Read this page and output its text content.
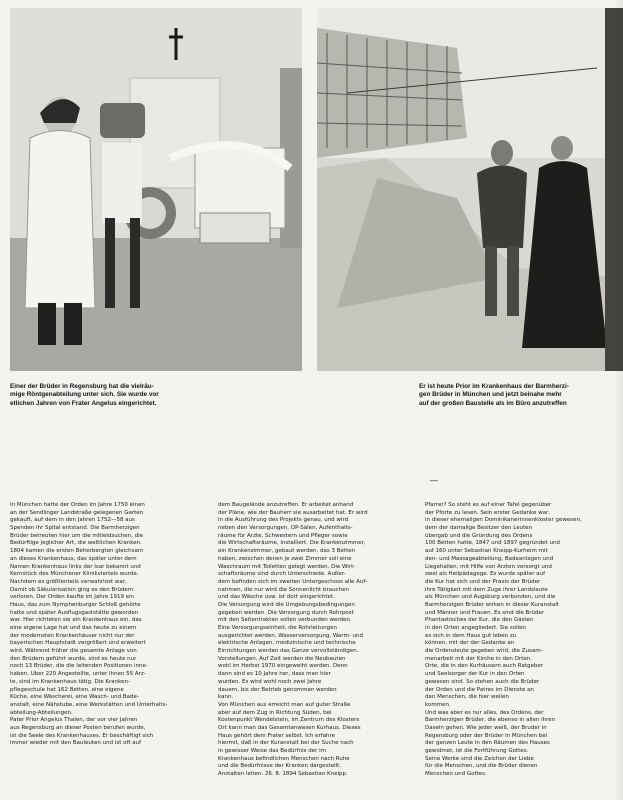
Einer der Brüder in Regensburg hat die vielräu-
mige Röntgenabteilung unter sich. Sie wurde vor
etlichen Jahren von Frater Angelus eingerichtet.
Er ist heute Prior im Krankenhaus der Barmherzi-
gen Brüder in München und jetzt beinahe mehr
auf der großen Baustelle als im Büro anzutreffen
—
In München hatte der Orden im Jahre 1750 einen
an der Sendlinger Landstraße gelegenen Garten
gekauft, auf dem in den Jahren 1752—58 aus
Spenden ihr Spital entstand. Die Barmherzigen
Brüder betreuten hier um die mitleidsuchen, die
Bedürftige jeglicher Art, die weltlichen Kranken.
1804 kamen die ersten Beherbergten gleichsam
an dieses Krankenhaus, das später unter dem
Namen Krankenhaus links der Isar bekannt und
Kernstück des Münchener Klinikviertels wurde.
Nachdem es größtenteils verwahrlost war,
Damit ob Säkularisation ging es den Brüdern
verloren. Der Orden kaufte im Jahre 1919 ein
Haus, das zum Nymphenburger Schloß gehörte
hatte und später Ausflugsgaststätte geworden
war. Hier richteten sie ein Krankenhaus ein, das
eine eigene Lage hat und das heute zu einem
der modernsten Krankenhäuser nicht nur der
bayerischen Hauptstadt vergrößert und erweitert
wird. Während früher die gesamte Anlage von
den Brüdern geführt wurde, sind es heute nur
noch 13 Brüder, die die leitenden Positionen inne-
haben. Über 220 Angestellte, unter ihnen 55 Ärz-
te, sind im Krankenhaus tätig. Die Kranken-
pflegeschule hat 162 Betten, eine eigene
Küche, eine Wäscherei, eine Wasch- und Bade-
anstalt, eine Nähstube, eine Werkstätten und Unterhalts-
abteilung-Abteilungen.
Pater Prior Angelus Thalen, der vor vier Jahren
aus Regensburg an dieser Posten berufen wurde,
ist die Seele des Krankenhauses. Er beschäftigt sich
immer wieder mit den Bauleuten und ist oft auf
dem Baugelände anzutreffen. Er arbeitet anhand
der Pläne, wie der Bauherr sie ausarbeitet hat. Er wird
in die Ausführung des Projekts genau, und wird
neben den Versorgungen, OP-Sälen, Aufenthalts-
räume für Ärzte, Schwestern und Pfleger sowie
die Wirtschaftsräume, installiert. Die Krankenzimmer,
ein Krankenzimmer, gebaut werden, das 3 Betten
haben, zwischen denen je zwei Zimmer soll eine
Waschraum mit Toiletten gelegt werden. Die Wirt-
schaftsräume sind durch Unterschiede. Außer-
dem befinden sich im zweiten Untergeschoss alle Auf-
nahmen, die nur wird die Sonnenlicht brauchen
und das Wäsche usw. ist dort eingerichtet.
Die Versorgung wird die Umgebungsbedingungen
gegeben werden. Die Versorgung durch Rohrpost
mit den Seitentrakten sollen verbunden werden.
Eine Versorgungseinheit, die Rohrleitungen
ausgerichtet werden. Wasserversorgung, Warm- und
elektrische Anlagen, medizinische und technische
Einrichtungen werden das Ganze vervollständigen.
Vorstellungen. Auf Zeit werden die Neubauten
wohl im Herbst 1970 eingeweiht werden. Denn
dann sind es 10 Jahre her, dass man hier
wurden. Es wird wohl noch zwei Jahre
dauern, bis der Betrieb genommen werden
kann.
Von München aus erreicht man auf guter Straße
aber auf dem Zug in Richtung Süden, bei
Kostenpunkt Wendelstein, im Zentrum des Klosters
Ort kann man das Gesamtanwesen Kurhaus. Dieses
Haus gehört dem Frater selbst. Ich erfahre
hiermit, daß in der Kuranstalt bei der Suche nach
in gewisser Weise das Bedürfnis der im
Krankenhaus befindlichen Menschen nach Ruhe
und die Bedürfnisse der Kranken dargestellt.
Anstalten leiten. 26. 8. 1894 Sebastian Kneipp.
Pfarrer? So steht es auf einer Tafel gegenüber
der Pforte zu lesen. Sein erster Gedanke war,
in dieser ehemaligen Dominikanerinnenkloster gewesen,
dem der damalige Besitzer den Leuten
übergab und die Gründung des Ordens
100 Betten hatte, 1847 und 1897 gegründet und
auf 160 unter Sebastian Kneipp-Kurheim mit
den- und Massageabteilung, Badeanlagen und
Liegehallen, mit Hilfe von Ärzten versorgt und
zwei als Heilpädagoge. Es wurde später auf
die Kur hat sich und der Praxis der Brüder
ihre Tätigkeit mit dem Zuge ihrer Landsleute
als München und Augsburg verbunden, und die
Barmherzigen Brüder wirken in dieser Kuranstalt
und Männer und Frauen. Es sind die Brüder
Phantastisches der Kur, die den Gästen
in den Orten angegliedert. Sie sollen
es sich in dem Haus gut leben zu
können, mit der der Gedanke an
die Ordensleute gegeben wird, die Zusam-
menarbeit mit der Kirche in den Orten.
Orte, die in den Kurhäusern auch Ratgeber
und Seelsorger der Kur in den Orten
gewesen sind. So stehen auch die Brüder
der Orden und die Patres im Dienste an
den Menschen, die hier weilen
kommen.
Und was aber es nur alles, des Ordens, der
Barmherzigen Brüder, die ebenso in allen ihren
Dasein gehen. Wie jeder weiß, der Bruder in
Regensburg oder der Brüder in München bei
der ganzen Leute in den Räumen des Hauses
gewidmet, ist die Fortführung Gottes.
Seine Werke sind die Zeichen der Liebe
für die Menschen, und die Brüder dienen
Menschen und Gottes.
